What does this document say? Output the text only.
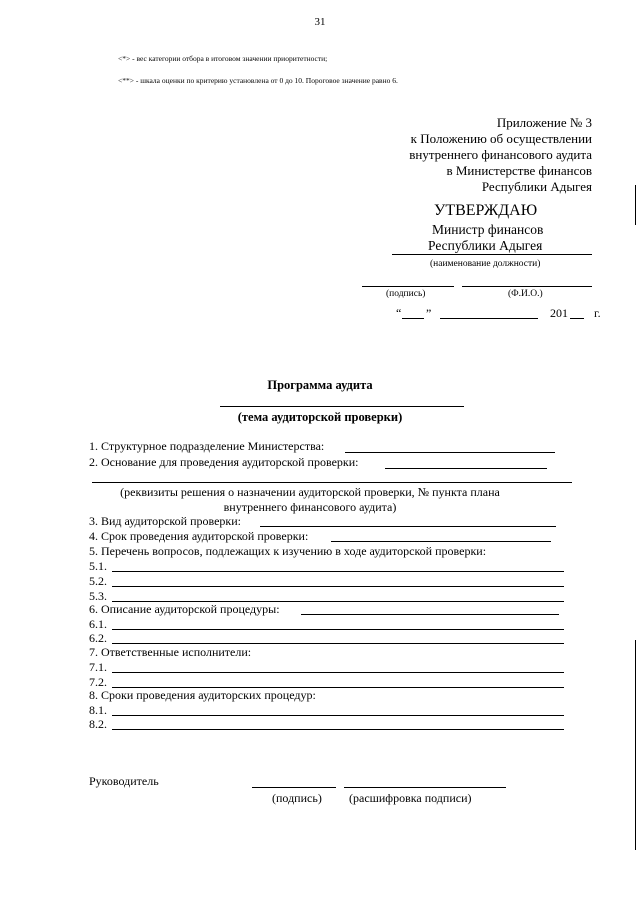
31
<*> - вес категории отбора в итоговом значении приоритетности;
<**> - шкала оценки по критерию установлена от 0 до 10. Пороговое значение равно 6.
Приложение № 3
к Положению об осуществлении
внутреннего финансового аудита
в Министерстве финансов
Республики Адыгея
УТВЕРЖДАЮ
Министр финансов
Республики Адыгея
(наименование должности)
(подпись)	(Ф.И.О.)
“ ”	201 г.
Программа аудита
(тема аудиторской проверки)
1. Структурное подразделение Министерства:
2. Основание для проведения аудиторской проверки:
(реквизиты решения о назначении аудиторской проверки, № пункта плана
внутреннего финансового аудита)
3. Вид аудиторской проверки:
4. Срок проведения аудиторской проверки:
5. Перечень вопросов, подлежащих к изучению в ходе аудиторской проверки:
5.1.
5.2.
5.3.
6. Описание аудиторской процедуры:
6.1.
6.2.
7. Ответственные исполнители:
7.1.
7.2.
8. Сроки проведения аудиторских процедур:
8.1.
8.2.
Руководитель
(подпись) (расшифровка подписи)
